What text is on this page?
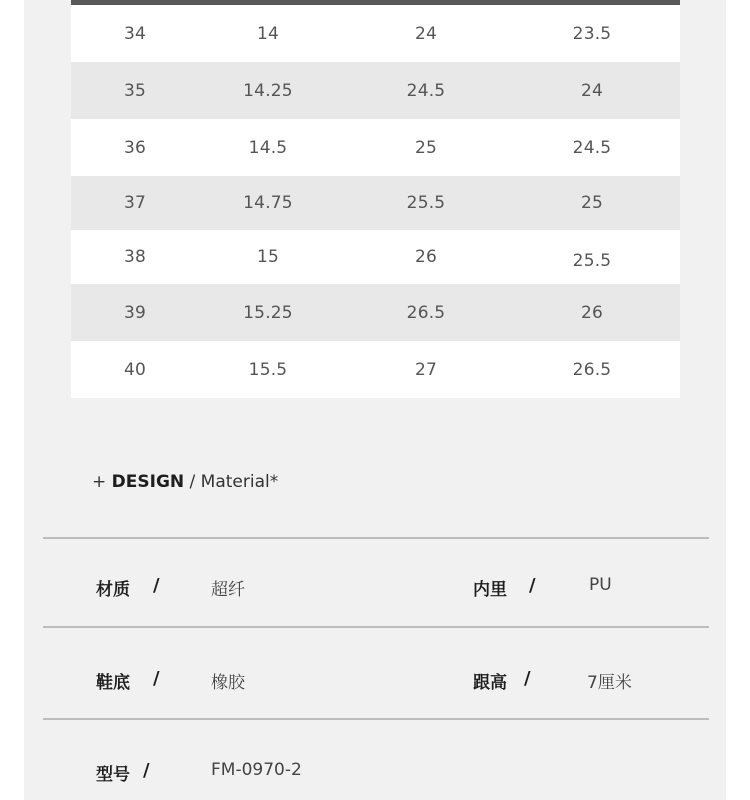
34	14	24	23.5
35	14.25	24.5	24
36	14.5	25	24.5
37	14.75	25.5	25
38	15	26	25.5
39	15.25	26.5	26
40	15.5	27	26.5
+ DESIGN / Material*
材质 /	超纤	内里 /	PU
鞋底 /	橡胶	跟高 /	7厘米
型号 /	FM-0970-2
